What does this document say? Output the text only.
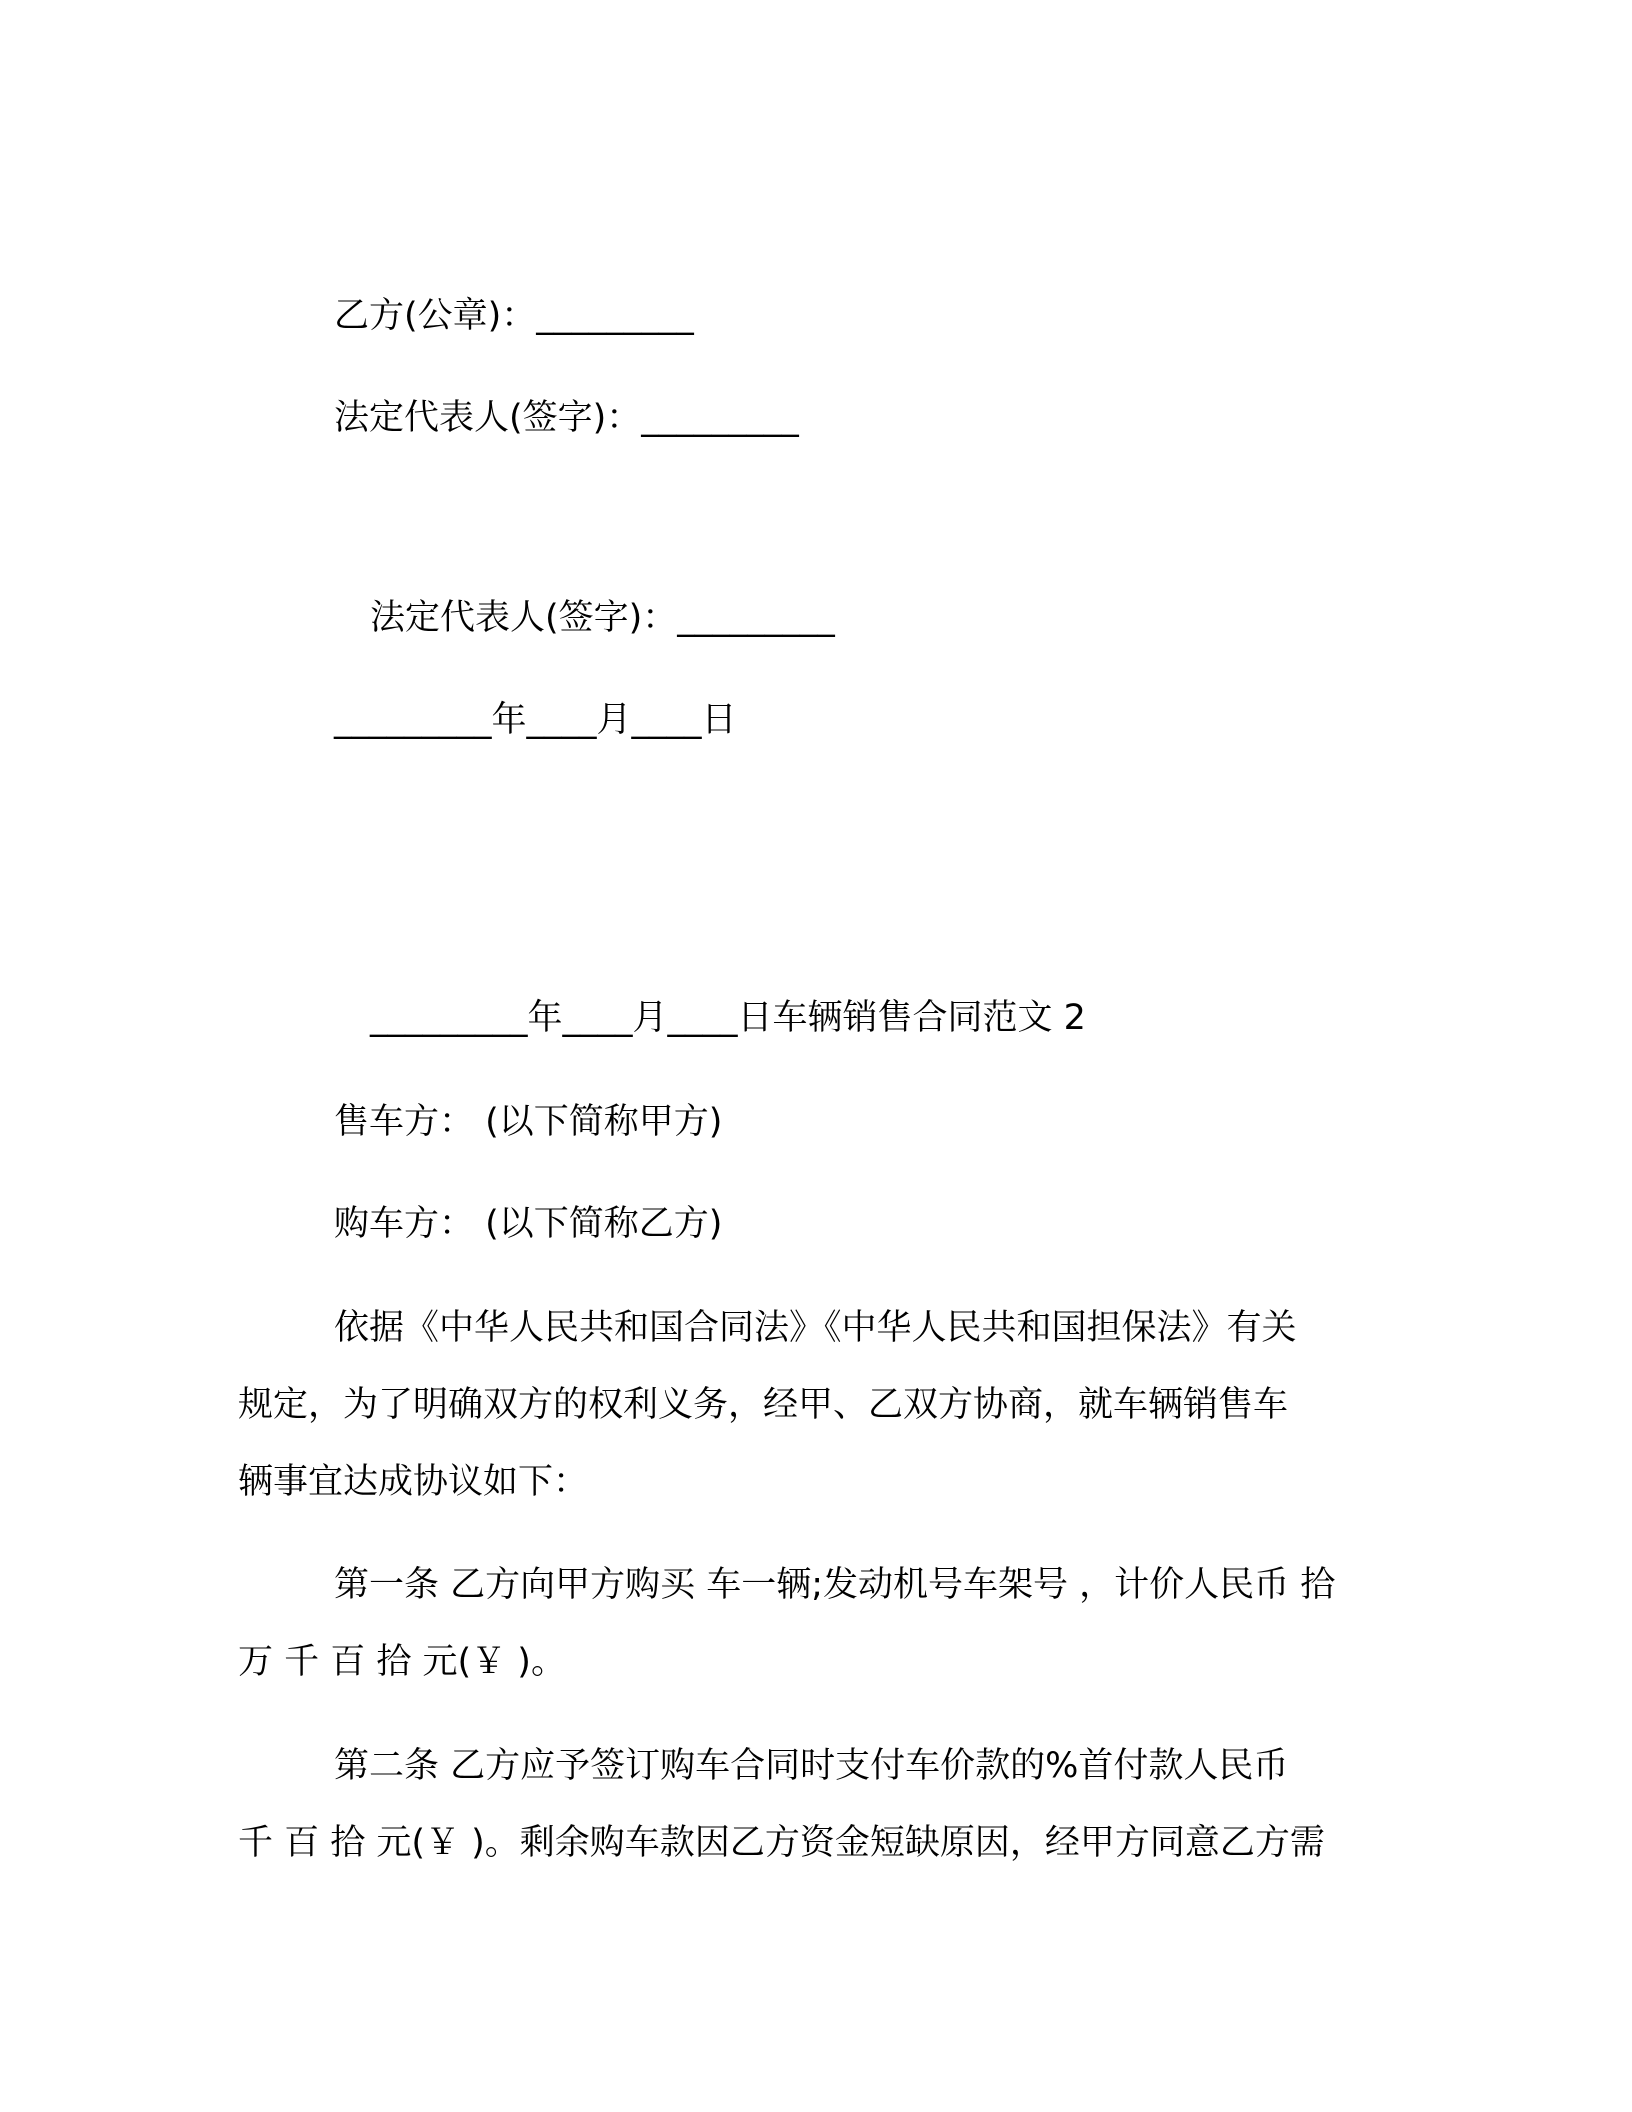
乙方(公章)：_________
法定代表人(签字)：_________
法定代表人(签字)：_________
_________年____月____日
_________年____月____日车辆销售合同范文 2
售车方： (以下简称甲方)
购车方： (以下简称乙方)
依据《中华人民共和国合同法》《中华人民共和国担保法》有关
规定，为了明确双方的权利义务，经甲、乙双方协商，就车辆销售车
辆事宜达成协议如下：
第一条 乙方向甲方购买 车一辆;发动机号车架号 ，计价人民币 拾
万 千 百 拾 元(￥ )。
第二条 乙方应予签订购车合同时支付车价款的%首付款人民币
千 百 拾 元(￥ )。剩余购车款因乙方资金短缺原因，经甲方同意乙方需
